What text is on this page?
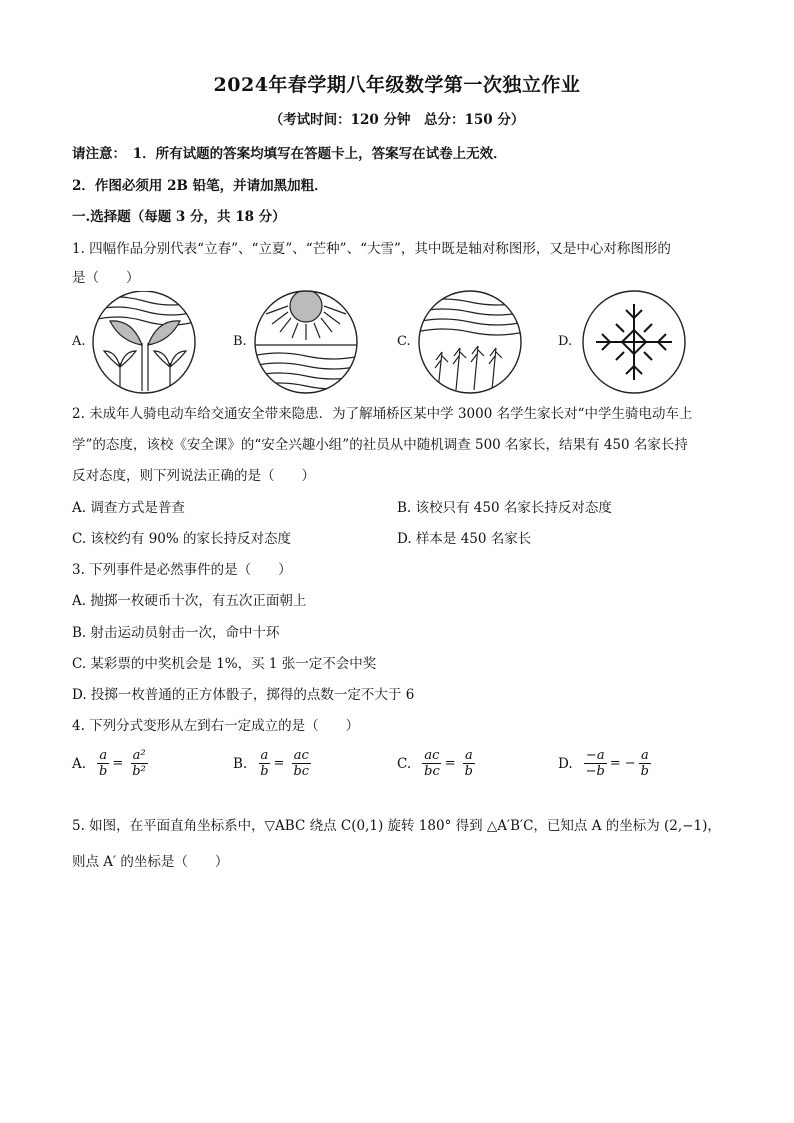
2024年春学期八年级数学第一次独立作业
（考试时间：120 分钟　总分：150 分）
请注意：　1．所有试题的答案均填写在答题卡上，答案写在试卷上无效．
2．作图必须用 2B 铅笔，并请加黑加粗．
一.选择题（每题 3 分，共 18 分）
1. 四幅作品分别代表“立春”、“立夏”、“芒种”、“大雪”，其中既是轴对称图形，又是中心对称图形的
是（　　）
A.	B.	C.	D.
2. 未成年人骑电动车给交通安全带来隐患．为了解埇桥区某中学 3000 名学生家长对“中学生骑电动车上
学”的态度，该校《安全课》的“安全兴趣小组”的社员从中随机调查 500 名家长，结果有 450 名家长持
反对态度，则下列说法正确的是（　　）
A. 调查方式是普查	B. 该校只有 450 名家长持反对态度
C. 该校约有 90% 的家长持反对态度	D. 样本是 450 名家长
3. 下列事件是必然事件的是（　　）
A. 抛掷一枚硬币十次，有五次正面朝上
B. 射击运动员射击一次，命中十环
C. 某彩票的中奖机会是 1%，买 1 张一定不会中奖
D. 投掷一枚普通的正方体骰子，掷得的点数一定不大于 6
4. 下列分式变形从左到右一定成立的是（　　）
A. $\frac{a}{b} = \frac{\text{a²}}{\text{b²}}$	B. $\frac{a}{b} = \frac{ac}{bc}$	C. $\frac{ac}{bc} = \frac{a}{b}$	D. $\frac{-a}{-b}$ = − $\frac{a}{b}$
5. 如图，在平面直角坐标系中，▽ABC 绕点 C(0,1) 旋转 180° 得到 △A′B′C，已知点 A 的坐标为 (2,−1)，
则点 A′ 的坐标是（　　）
